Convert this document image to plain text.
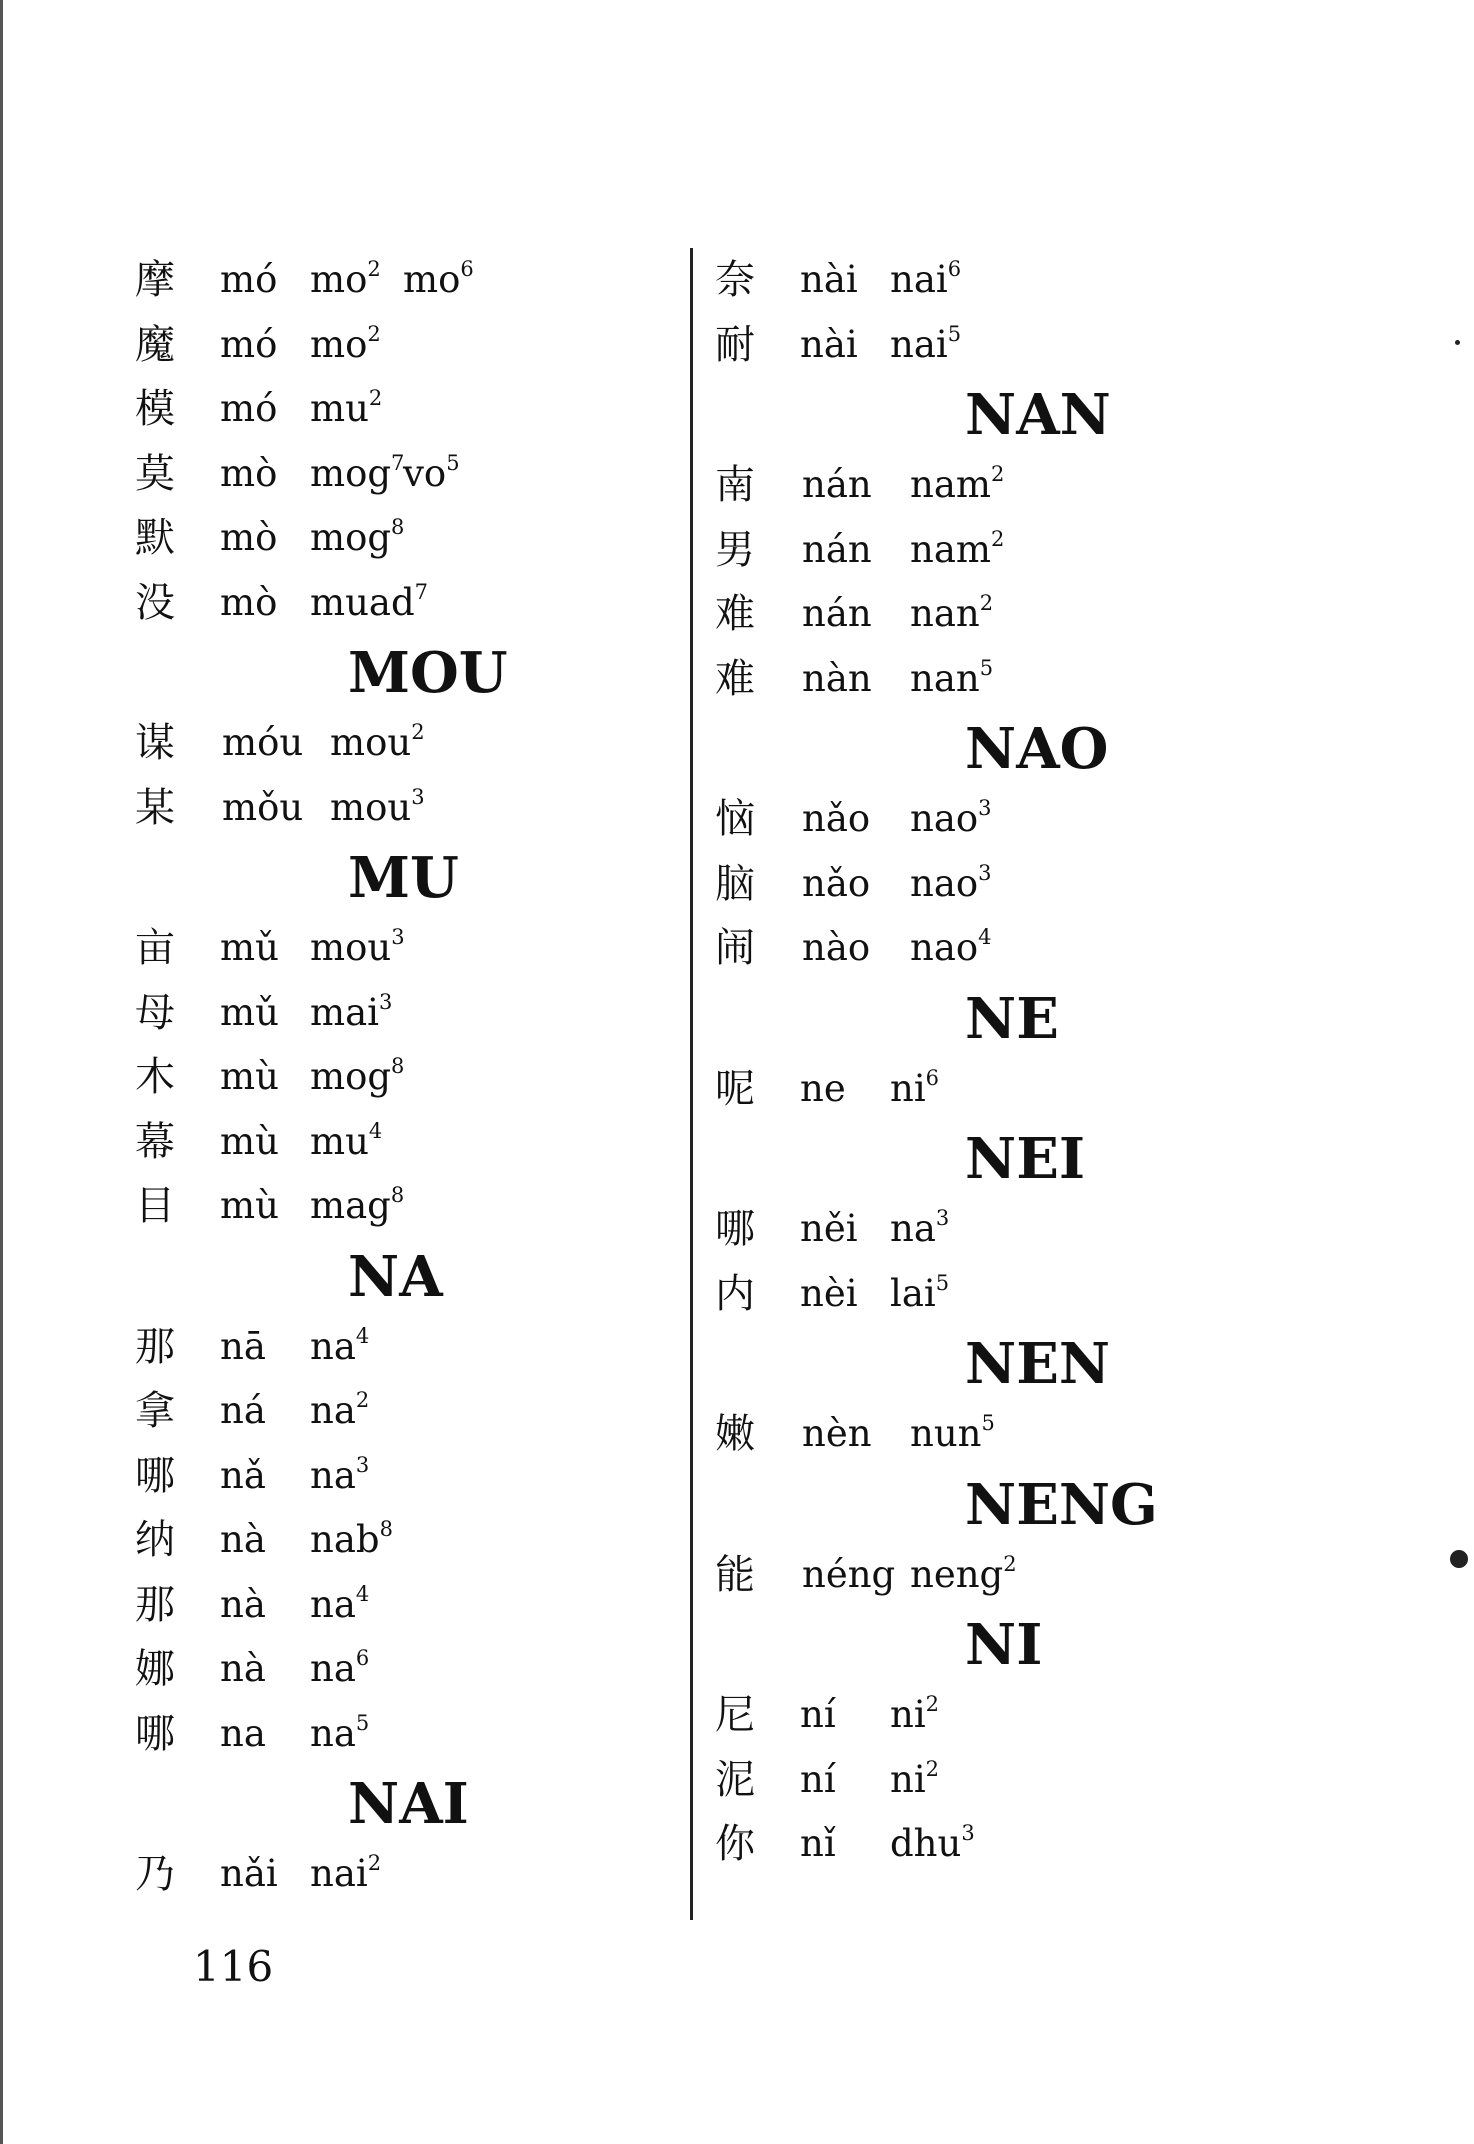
摩 mó $mo^2$ $mo^6$
魔 mó $mo^2$
模 mó $mu^2$
莫 mò mog$^7$
$vo^5$
默 mò mog$^8$
没 mò muad$^7$
MOU
谋 móu mou$^2$
某 mǒu mou$^3$
MU
亩 mǔ mou$^3$
母 mǔ mai$^3$
木 mù mog$^8$
幕 mù $mu^4$
目 mù mag$^8$
NA
那 nā $na^4$
拿 ná $na^2$
哪 nǎ $na^3$
纳 nà nab$^8$
那 nà $na^4$
娜 nà $na^6$
哪 na $na^5$
NAI
乃 nǎi nai$^2$
奈 nài nai$^6$
耐 nài nai$^5$
NAN
南 nán nam$^2$
男 nán nam$^2$
难 nán nan$^2$
难 nàn nan$^5$
NAO
恼 nǎo nao$^3$
脑 nǎo nao$^3$
闹 nào nao$^4$
NE
呢 ne $ni^6$
NEI
哪 něi $na^3$
内 nèi lai$^5$
NEN
嫩 nèn nun$^5$
NENG
能 néng neng$^2$
NI
尼 ní $ni^2$
泥 ní $ni^2$
你 nǐ dhu$^3$
116
